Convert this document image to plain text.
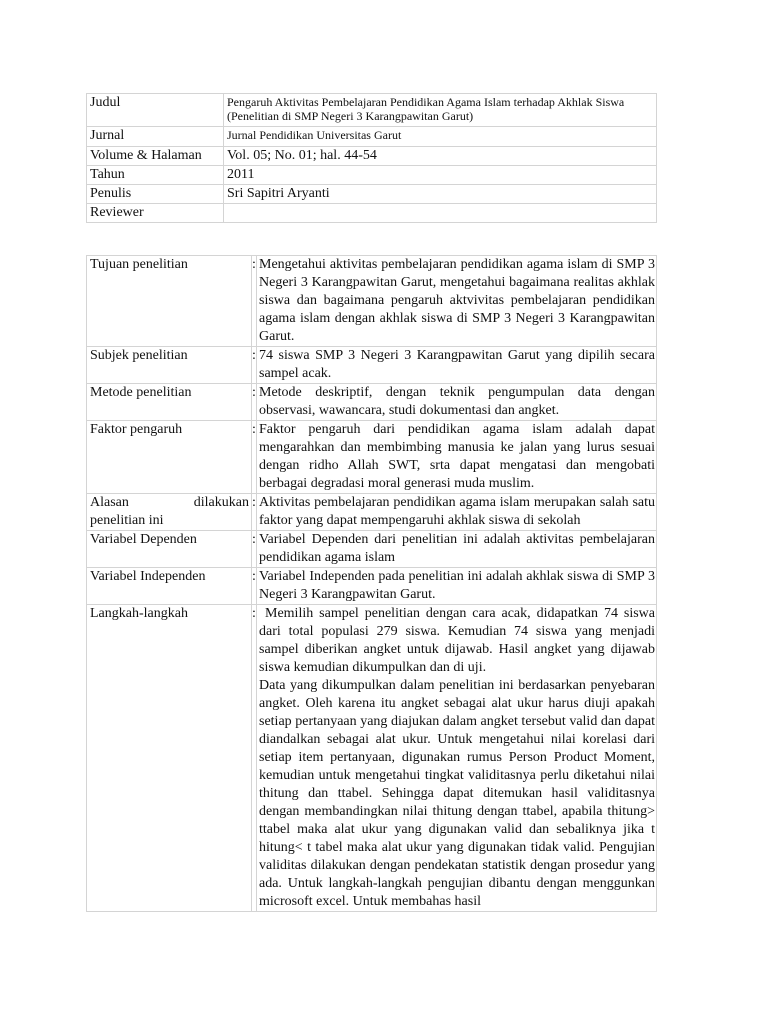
Judul	Pengaruh Aktivitas Pembelajaran Pendidikan Agama Islam terhadap Akhlak Siswa (Penelitian di SMP Negeri 3 Karangpawitan Garut)
Jurnal	Jurnal Pendidikan Universitas Garut
Volume & Halaman	Vol. 05; No. 01; hal. 44-54
Tahun	2011
Penulis	Sri Sapitri Aryanti
Reviewer	
Tujuan penelitian	:	Mengetahui aktivitas pembelajaran pendidikan agama islam di SMP 3 Negeri 3 Karangpawitan Garut, mengetahui bagaimana realitas akhlak siswa dan bagaimana pengaruh aktvivitas pembelajaran pendidikan agama islam dengan akhlak siswa di SMP 3 Negeri 3 Karangpawitan Garut.
Subjek penelitian	:	74 siswa SMP 3 Negeri 3 Karangpawitan Garut yang dipilih secara sampel acak.
Metode penelitian	:	Metode deskriptif, dengan teknik pengumpulan data dengan observasi, wawancara, studi dokumentasi dan angket.
Faktor pengaruh	:	Faktor pengaruh dari pendidikan agama islam adalah dapat mengarahkan dan membimbing manusia ke jalan yang lurus sesuai dengan ridho Allah SWT, srta dapat mengatasi dan mengobati berbagai degradasi moral generasi muda muslim.

Alasan dilakukan
penelitian ini	:	Aktivitas pembelajaran pendidikan agama islam merupakan salah satu faktor yang dapat mempengaruhi akhlak siswa di sekolah
Variabel Dependen	:	Variabel Dependen dari penelitian ini adalah aktivitas pembelajaran pendidikan agama islam
Variabel Independen	:	Variabel Independen pada penelitian ini adalah akhlak siswa di SMP 3 Negeri 3 Karangpawitan Garut.
Langkah-langkah	:	Memilih sampel penelitian dengan cara acak, didapatkan 74 siswa dari total populasi 279 siswa. Kemudian 74 siswa yang menjadi sampel diberikan angket untuk dijawab. Hasil angket yang dijawab siswa kemudian dikumpulkan dan di uji.

Data yang dikumpulkan dalam penelitian ini berdasarkan penyebaran angket. Oleh karena itu angket sebagai alat ukur harus diuji apakah setiap pertanyaan yang diajukan dalam angket tersebut valid dan dapat diandalkan sebagai alat ukur. Untuk mengetahui nilai korelasi dari setiap item pertanyaan, digunakan rumus Person Product Moment, kemudian untuk mengetahui tingkat validitasnya perlu diketahui nilai thitung dan ttabel. Sehingga dapat ditemukan hasil validitasnya dengan membandingkan nilai thitung dengan ttabel, apabila thitung> ttabel maka alat ukur yang digunakan valid dan sebaliknya jika t hitung< t tabel maka alat ukur yang digunakan tidak valid. Pengujian validitas dilakukan dengan pendekatan statistik dengan prosedur yang ada. Untuk langkah-langkah pengujian dibantu dengan menggunkan microsoft excel. Untuk membahas hasil
